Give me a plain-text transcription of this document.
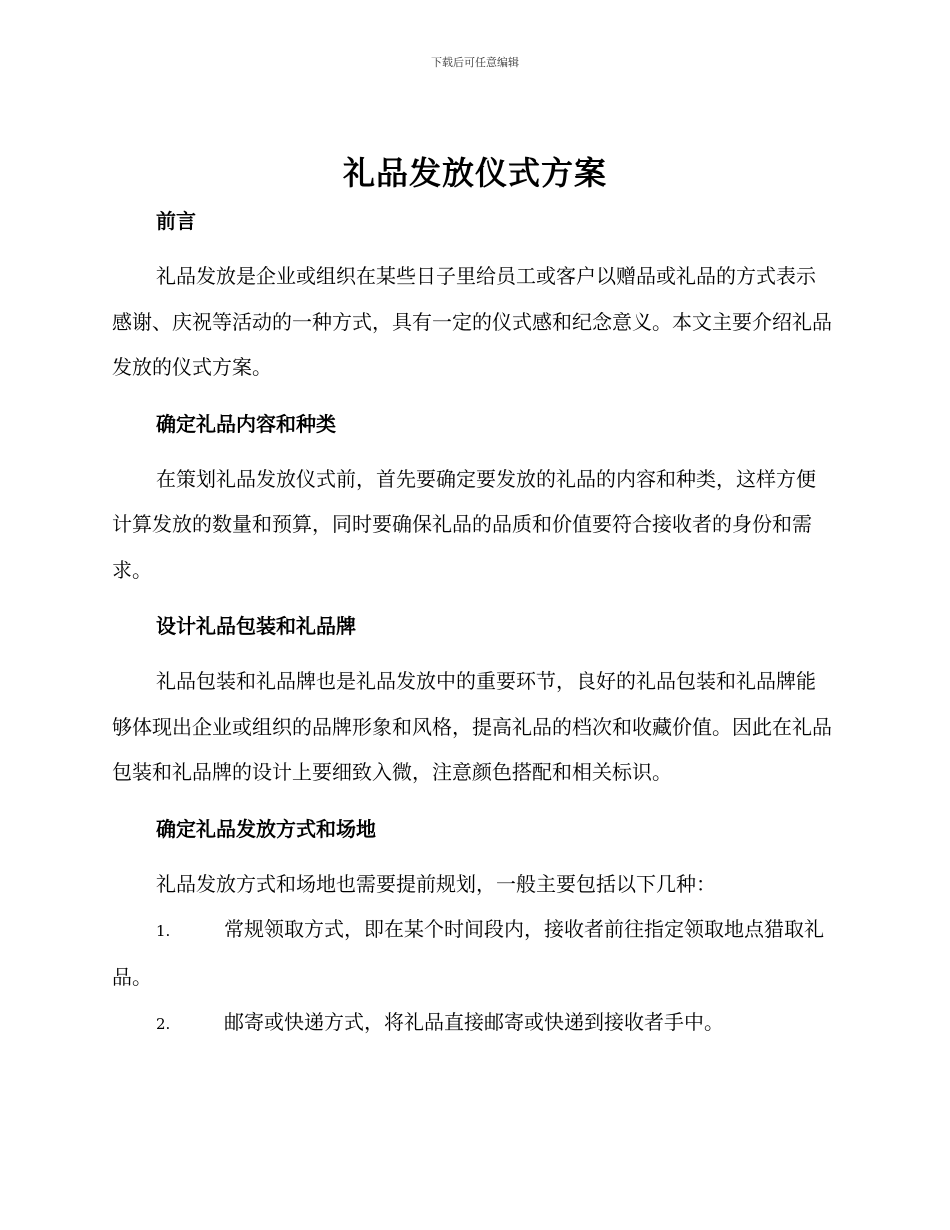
下载后可任意编辑
礼品发放仪式方案

前言

礼品发放是企业或组织在某些日子里给员工或客户以赠品或礼品的方式表示感谢、庆祝等活动的一种方式，具有一定的仪式感和纪念意义。本文主要介绍礼品发放的仪式方案。

确定礼品内容和种类

在策划礼品发放仪式前，首先要确定要发放的礼品的内容和种类，这样方便计算发放的数量和预算，同时要确保礼品的品质和价值要符合接收者的身份和需求。

设计礼品包装和礼品牌

礼品包装和礼品牌也是礼品发放中的重要环节，良好的礼品包装和礼品牌能够体现出企业或组织的品牌形象和风格，提高礼品的档次和收藏价值。因此在礼品包装和礼品牌的设计上要细致入微，注意颜色搭配和相关标识。

确定礼品发放方式和场地

礼品发放方式和场地也需要提前规划，一般主要包括以下几种：

1.	常规领取方式，即在某个时间段内，接收者前往指定领取地点猎取礼品。

2.	邮寄或快递方式，将礼品直接邮寄或快递到接收者手中。
